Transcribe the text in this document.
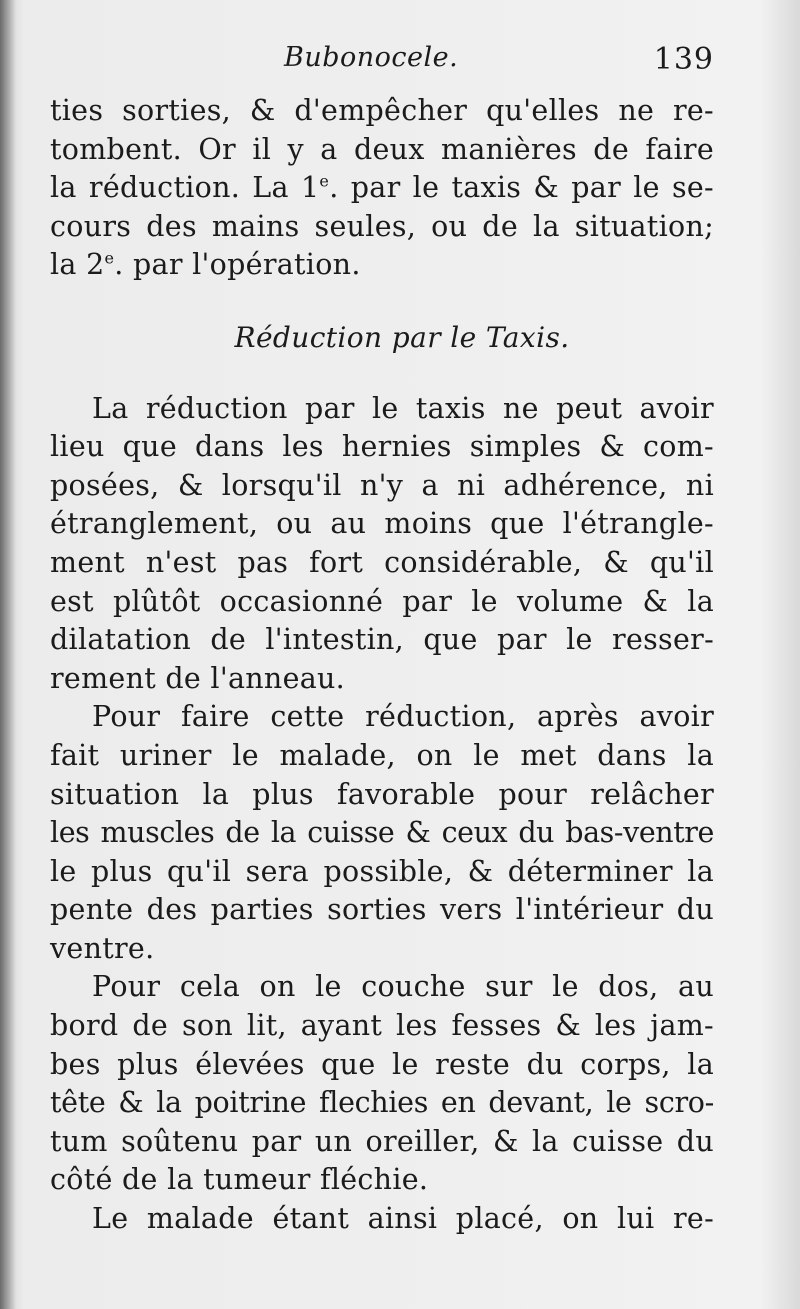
Bubonocele.	139

ties sorties, & d'empêcher qu'elles ne re-
tombent. Or il y a deux manières de faire
la réduction. La 1e. par le taxis & par le se-
cours des mains seules, ou de la situation;
la 2e. par l'opération.

Réduction par le Taxis.

La réduction par le taxis ne peut avoir
lieu que dans les hernies simples & com-
posées, & lorsqu'il n'y a ni adhérence, ni
étranglement, ou au moins que l'étrangle-
ment n'est pas fort considérable, & qu'il
est plûtôt occasionné par le volume & la
dilatation de l'intestin, que par le resser-
rement de l'anneau.

Pour faire cette réduction, après avoir
fait uriner le malade, on le met dans la
situation la plus favorable pour relâcher
les muscles de la cuisse & ceux du bas-ventre
le plus qu'il sera possible, & déterminer la
pente des parties sorties vers l'intérieur du
ventre.

Pour cela on le couche sur le dos, au
bord de son lit, ayant les fesses & les jam-
bes plus élevées que le reste du corps, la
tête & la poitrine flechies en devant, le scro-
tum soûtenu par un oreiller, & la cuisse du
côté de la tumeur fléchie.

Le malade étant ainsi placé, on lui re-
